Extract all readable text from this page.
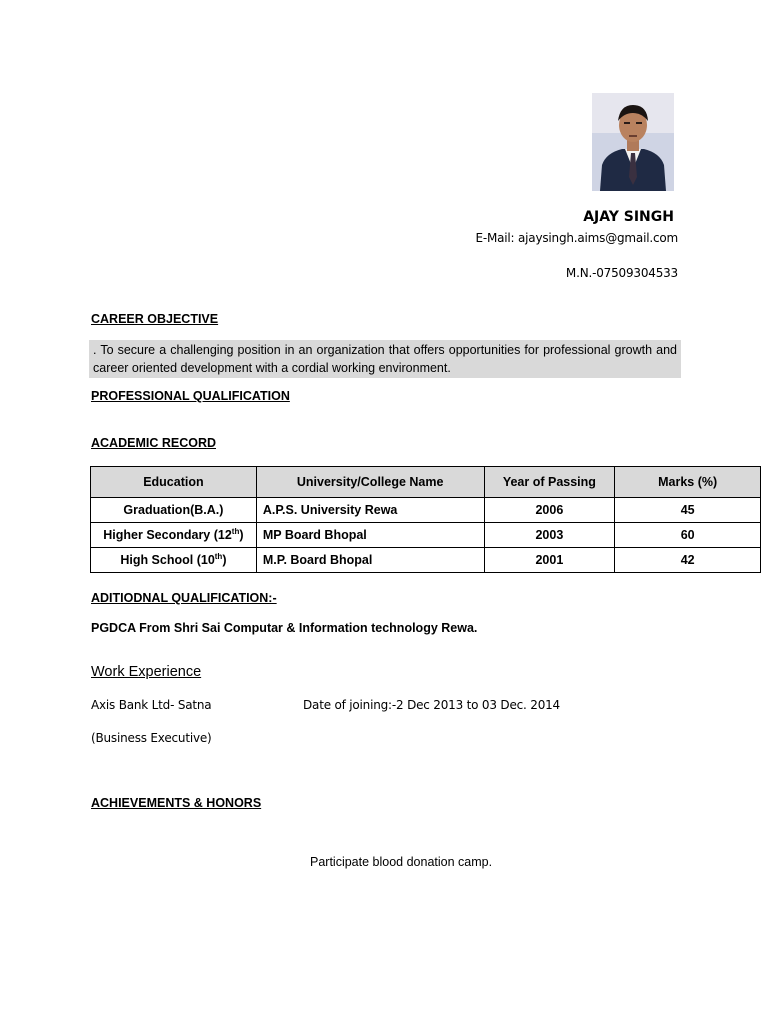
AJAY SINGH
E-Mail: ajaysingh.aims@gmail.com
M.N.-07509304533
CAREER OBJECTIVE

. To secure a challenging position in an organization that offers opportunities for professional growth and career oriented development with a cordial working environment.

PROFESSIONAL QUALIFICATION
ACADEMIC RECORD
Education	University/College Name	Year of Passing	Marks (%)
Graduation(B.A.)	A.P.S. University Rewa	2006	45
Higher Secondary (12th)	MP Board Bhopal	2003	60
High School (10th)	M.P. Board Bhopal	2001	42
ADITIODNAL QUALIFICATION:-
PGDCA From Shri Sai Computar & Information technology Rewa.
Work Experience
Axis Bank Ltd- Satna	Date of joining:-2 Dec 2013 to 03 Dec. 2014
(Business Executive)
ACHIEVEMENTS & HONORS
Participate blood donation camp.
